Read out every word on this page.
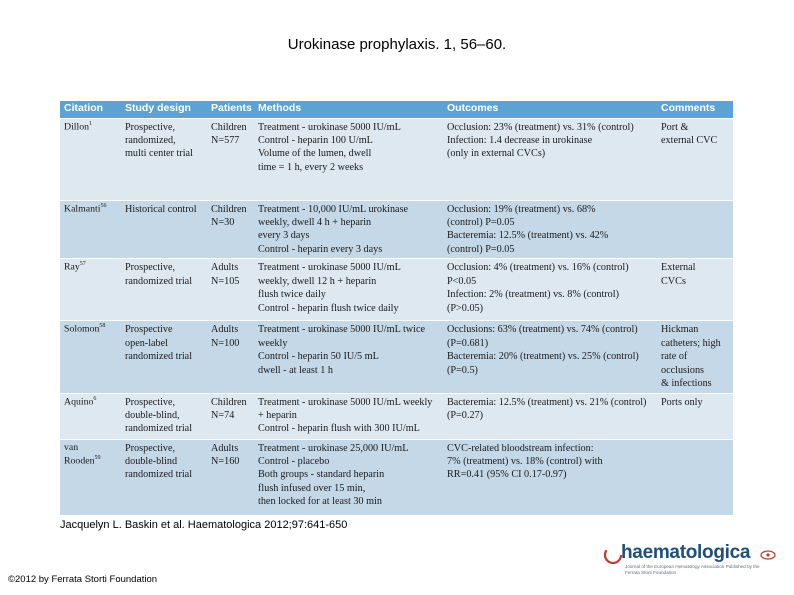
Urokinase prophylaxis. 1, 56–60.
Citation	Study design	Patients	Methods	Outcomes	Comments
Dillon$^1$	Prospective,
randomized,
multi center trial	Children
N=577	Treatment - urokinase 5000 IU/mL
Control - heparin 100 U/mL
Volume of the lumen, dwell
time = 1 h, every 2 weeks	Occlusion: 23% (treatment) vs. 31% (control)
Infection: 1.4 decrease in urokinase
(only in external CVCs)	Port &
external CVC
Kalmanti$^{56}$	Historical control	Children
N=30	Treatment - 10,000 IU/mL urokinase
weekly, dwell 4 h + heparin
every 3 days
Control - heparin every 3 days	Occlusion: 19% (treatment) vs. 68%
(control) P=0.05
Bacteremia: 12.5% (treatment) vs. 42%
(control) P=0.05	
Ray$^{57}$	Prospective,
randomized trial	Adults
N=105	Treatment - urokinase 5000 IU/mL
weekly, dwell 12 h + heparin
flush twice daily
Control - heparin flush twice daily	Occlusion: 4% (treatment) vs. 16% (control)
P<0.05
Infection: 2% (treatment) vs. 8% (control)
(P>0.05)	External
CVCs
Solomon$^{58}$	Prospective
open-label
randomized trial	Adults
N=100	Treatment - urokinase 5000 IU/mL twice
weekly
Control - heparin 50 IU/5 mL
dwell - at least 1 h	Occlusions: 63% (treatment) vs. 74% (control)
(P=0.681)
Bacteremia: 20% (treatment) vs. 25% (control)
(P=0.5)	Hickman
catheters; high
rate of
occlusions
& infections
Aquino$^6$	Prospective,
double-blind,
randomized trial	Children
N=74	Treatment - urokinase 5000 IU/mL weekly
+ heparin
Control - heparin flush with 300 IU/mL	Bacteremia: 12.5% (treatment) vs. 21% (control)
(P=0.27)	Ports only
van Rooden$^{59}$	Prospective,
double-blind
randomized trial	Adults
N=160	Treatment - urokinase 25,000 IU/mL
Control - placebo
Both groups - standard heparin
flush infused over 15 min,
then locked for at least 30 min	CVC-related bloodstream infection:
7% (treatment) vs. 18% (control) with
RR=0.41 (95% CI 0.17-0.97)	
Jacquelyn L. Baskin et al. Haematologica 2012;97:641-650
©2012 by Ferrata Storti Foundation
haematologica
Journal of the European Hematology Association Published by the Ferrata Storti Foundation
